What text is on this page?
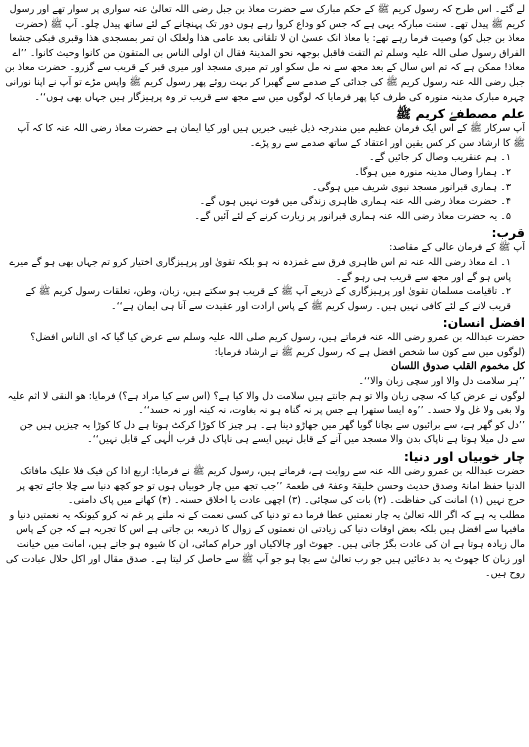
لے گئے۔ اس طرح کہ رسول کریم ﷺ کے حکم مبارک سے حضرت معاذ بن جبل رضی اللہ تعالیٰ عنہ سواری پر سوار تھے اور رسول کریم ﷺ پیدل تھے۔ سنت مبارکہ یہی ہے کہ جس کو وداع کروا رہے ہوں دور تک پہنچانے کے لئے ساتھ پیدل چلو۔ آپ ﷺ (حضرت معاذ بن جبل کو) وصیت فرما رہے تھے: یا معاذ انک عسیٰ ان لا تلقانی بعد عامی ھذا ولعلک ان تمر بمسجدی ھذا وقبری فبکی جشعا الفراق رسول صلی اللہ علیہ وسلم ثم التفت فاقبل بوجھہ نحو المدینۃ فقال ان اولی الناس بی المتقون من کانوا وحیث کانوا۔ ’’اے معاذ! ممکن ہے کہ تم اس سال کے بعد مجھ سے نہ مل سکو اور تم میری مسجد اور میری قبر کے قریب سے گزرو۔ حضرت معاذ بن جبل رضی اللہ عنہ رسول کریم ﷺ کی جدائی کے صدمے سے گھبرا کر بہت روئے پھر رسول کریم ﷺ واپس مڑے تو آپ نے اپنا نورانی چہرہ مبارک مدینہ منورہ کی طرف کیا پھر فرمایا کہ لوگوں میں سے مجھ سے قریب تر وہ پرہیزگار ہیں جہاں بھی ہوں‘‘۔

علم مصطفےٰ کریم ﷺ

آپ سرکار ﷺ کے اس ایک فرمان عظیم میں مندرجہ ذیل غیبی خبریں ہیں اور کیا ایمان ہے حضرت معاذ رضی اللہ عنہ کا کہ آپ ﷺ کا ارشاد سن کر کس یقین اور اعتقاد کے ساتھ صدمے سے رو پڑے۔

۱۔ ہم عنقریب وصال کر جائیں گے۔

۲۔ ہمارا وصال مدینہ منورہ میں ہوگا۔

۳۔ ہماری قبرانور مسجد نبوی شریف میں ہوگی۔

۴۔ حضرت معاذ رضی اللہ عنہ ہماری ظاہری زندگی میں فوت نہیں ہوں گے۔

۵۔ یہ حضرت معاذ رضی اللہ عنہ ہماری قبرانور پر زیارت کرنے کے لئے آئیں گے۔

قرب:

آپ ﷺ کے فرمان عالی کے مقاصد:

۱۔ اے معاذ رضی اللہ عنہ تم اس ظاہری فرق سے غمزدہ نہ ہو بلکہ تقویٰ اور پرہیزگاری اختیار کرو تم جہاں بھی ہو گے میرے پاس ہو گے اور مجھ سے قریب ہی رہو گے۔

۲۔ تاقیامت مسلمان تقویٰ اور پرہیزگاری کے ذریعے آپ ﷺ کے قریب ہو سکتے ہیں، زبان، وطن، تعلقات رسول کریم ﷺ کے قریب لانے کے لئے کافی نہیں ہیں۔ رسول کریم ﷺ کے پاس ارادت اور عقیدت سے آنا ہی ایمان ہے‘‘۔

افضل انسان:

حضرت عبداللہ بن عمرو رضی اللہ عنہ فرماتے ہیں، رسول کریم صلی اللہ علیہ وسلم سے عرض کیا گیا کہ ای الناس افضل؟ (لوگوں میں سے کون سا شخص افضل ہے کہ رسول کریم ﷺ نے ارشاد فرمایا:

کل مخموم القلب صدوق اللسان

’’ہر سلامت دل والا اور سچی زبان والا‘‘۔

لوگوں نے عرض کیا کہ سچی زبان والا تو ہم جانتے ہیں سلامت دل والا کیا ہے؟ (اس سے کیا مراد ہے؟) فرمایا: ھو النقی لا اثم علیہ ولا بغی ولا غل ولا حسد۔ ’’وہ ایسا ستھرا ہے جس پر نہ گناہ ہو نہ بغاوت، نہ کینہ اور نہ حسد‘‘۔

’’دل کو گھر ہے، سے برائیوں سے بچانا گویا گھر میں جھاڑو دینا ہے۔ ہر چیز کا کوڑا کرکٹ ہوتا ہے دل کا کوڑا یہ چیزیں ہیں جن سے دل میلا ہوتا ہے ناپاک بدن والا مسجد میں آنے کے قابل نہیں ایسے ہی ناپاک دل قرب الٰہی کے قابل نہیں‘‘۔

چار خوبیاں اور دنیا:

حضرت عبداللہ بن عمرو رضی اللہ عنہ سے روایت ہے، فرماتے ہیں، رسول کریم ﷺ نے فرمایا: اربع اذا کن فیک فلا علیک مافاتک الدنیا حفظ امانۃ وصدق حدیث وحسن خلیقۃ وعفۃ فی طعمۃ ’’جب تجھ میں چار خوبیاں ہوں تو جو کچھ دنیا سے چلا جائے تجھ پر حرج نہیں (۱) امانت کی حفاظت۔ (۲) بات کی سچائی۔ (۳) اچھی عادت یا اخلاق حسنہ۔ (۴) کھانے میں پاک دامنی۔

مطلب یہ ہے کہ اگر اللہ تعالیٰ یہ چار نعمتیں عطا فرما دے تو دنیا کی کسی نعمت کے نہ ملنے پر غم نہ کرو کیونکہ یہ نعمتیں دنیا و مافیہا سے افضل ہیں بلکہ بعض اوقات دنیا کی زیادتی ان نعمتوں کے زوال کا ذریعہ بن جاتی ہے اس کا تجربہ ہے کہ جن کے پاس مال زیادہ ہوتا ہے ان کی عادت بگڑ جاتی ہیں۔ جھوٹ اور چالاکیاں اور حرام کمائی، ان کا شیوہ ہو جاتے ہیں، امانت میں خیانت اور زبان کا جھوٹ یہ بد دعائیں ہیں جو رب تعالیٰ سے بچا ہو جو آپ ﷺ سے حاصل کر لیتا ہے۔ صدق مقال اور اکل حلال عبادت کی روح ہیں۔
